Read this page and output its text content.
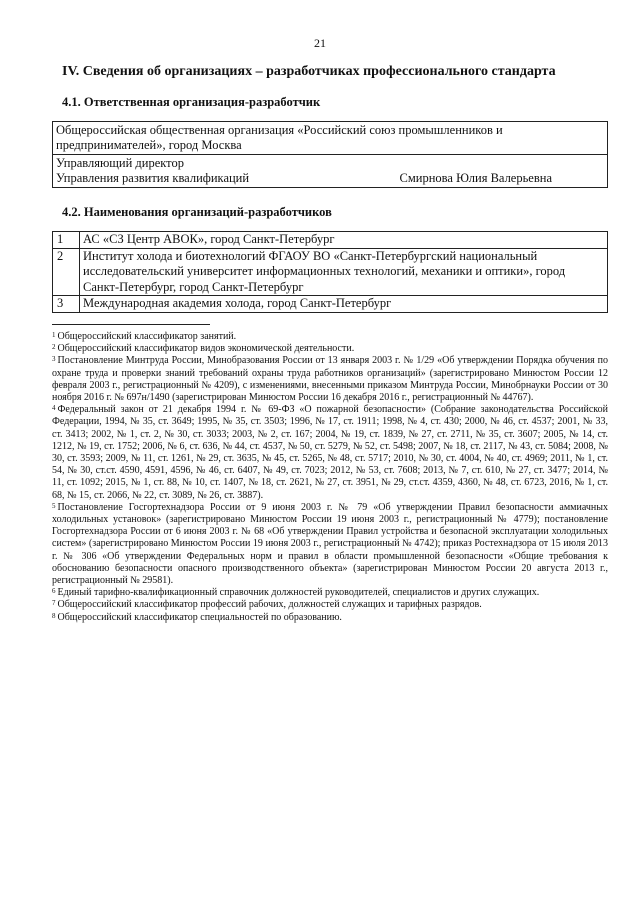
21
IV. Сведения об организациях – разработчиках профессионального стандарта
4.1. Ответственная организация-разработчик
Общероссийская общественная организация «Российский союз промышленников и предпринимателей», город Москва

Управляющий директор
Управления развития квалификаций	Смирнова Юлия Валерьевна
4.2. Наименования организаций-разработчиков
1	АС «СЗ Центр АВОК», город Санкт-Петербург
2	Институт холода и биотехнологий ФГАОУ ВО «Санкт-Петербургский национальный исследовательский университет информационных технологий, механики и оптики», город Санкт-Петербург, город Санкт-Петербург
3	Международная академия холода, город Санкт-Петербург

$^1$ Общероссийский классификатор занятий.

$^2$ Общероссийский классификатор видов экономической деятельности.

$^3$ Постановление Минтруда России, Минобразования России от 13 января 2003 г. № 1/29 «Об утверждении Порядка обучения по охране труда и проверки знаний требований охраны труда работников организаций» (зарегистрировано Минюстом России 12 февраля 2003 г., регистрационный № 4209), с изменениями, внесенными приказом Минтруда России, Минобрнауки России от 30 ноября 2016 г. № 697н/1490 (зарегистрирован Минюстом России 16 декабря 2016 г., регистрационный № 44767).

$^4$ Федеральный закон от 21 декабря 1994 г. № 69-ФЗ «О пожарной безопасности» (Собрание законодательства Российской Федерации, 1994, № 35, ст. 3649; 1995, № 35, ст. 3503; 1996, № 17, ст. 1911; 1998, № 4, ст. 430; 2000, № 46, ст. 4537; 2001, № 33, ст. 3413; 2002, № 1, ст. 2, № 30, ст. 3033; 2003, № 2, ст. 167; 2004, № 19, ст. 1839, № 27, ст. 2711, № 35, ст. 3607; 2005, № 14, ст. 1212, № 19, ст. 1752; 2006, № 6, ст. 636, № 44, ст. 4537, № 50, ст. 5279, № 52, ст. 5498; 2007, № 18, ст. 2117, № 43, ст. 5084; 2008, № 30, ст. 3593; 2009, № 11, ст. 1261, № 29, ст. 3635, № 45, ст. 5265, № 48, ст. 5717; 2010, № 30, ст. 4004, № 40, ст. 4969; 2011, № 1, ст. 54, № 30, ст.ст. 4590, 4591, 4596, № 46, ст. 6407, № 49, ст. 7023; 2012, № 53, ст. 7608; 2013, № 7, ст. 610, № 27, ст. 3477; 2014, № 11, ст. 1092; 2015, № 1, ст. 88, № 10, ст. 1407, № 18, ст. 2621, № 27, ст. 3951, № 29, ст.ст. 4359, 4360, № 48, ст. 6723, 2016, № 1, ст. 68, № 15, ст. 2066, № 22, ст. 3089, № 26, ст. 3887).

$^5$ Постановление Госгортехнадзора России от 9 июня 2003 г. № 79 «Об утверждении Правил безопасности аммиачных холодильных установок» (зарегистрировано Минюстом России 19 июня 2003 г., регистрационный № 4779); постановление Госгортехнадзора России от 6 июня 2003 г. № 68 «Об утверждении Правил устройства и безопасной эксплуатации холодильных систем» (зарегистрировано Минюстом России 19 июня 2003 г., регистрационный № 4742); приказ Ростехнадзора от 15 июля 2013 г. № 306 «Об утверждении Федеральных норм и правил в области промышленной безопасности «Общие требования к обоснованию безопасности опасного производственного объекта» (зарегистрирован Минюстом России 20 августа 2013 г., регистрационный № 29581).

$^6$ Единый тарифно-квалификационный справочник должностей руководителей, специалистов и других служащих.

$^7$ Общероссийский классификатор профессий рабочих, должностей служащих и тарифных разрядов.

$^8$ Общероссийский классификатор специальностей по образованию.
